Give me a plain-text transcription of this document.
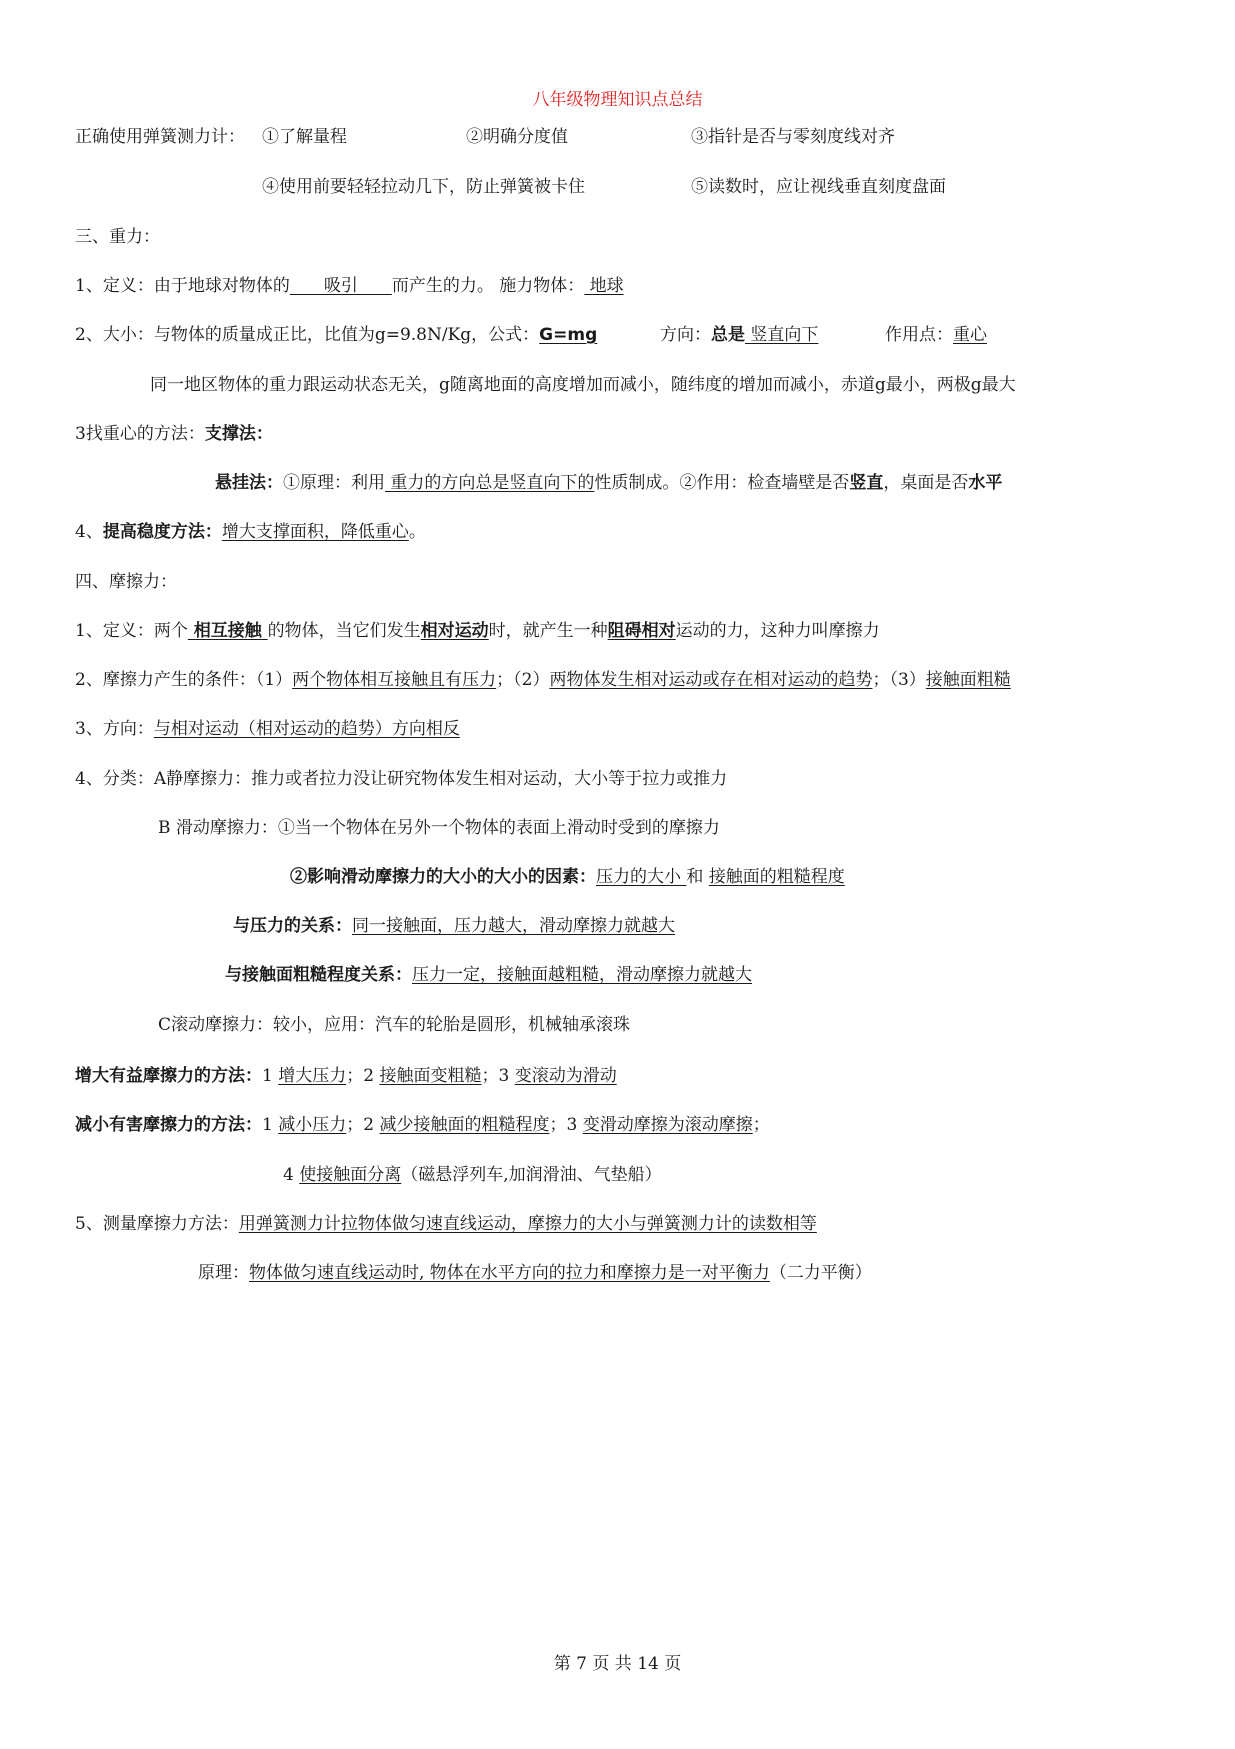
八年级物理知识点总结
正确使用弹簧测力计： ①了解量程	②明确分度值	③指针是否与零刻度线对齐
④使用前要轻轻拉动几下，防止弹簧被卡住	⑤读数时，应让视线垂直刻度盘面
三、重力：
1、定义：由于地球对物体的　　吸引　　而产生的力。 施力物体： 地球
2、大小：与物体的质量成正比，比值为g=9.8N/Kg，公式：G=mg	方向：总是 竖直向下	作用点：重心
同一地区物体的重力跟运动状态无关，g随离地面的高度增加而减小，随纬度的增加而减小，赤道g最小，两极g最大
3找重心的方法：支撑法：
悬挂法：①原理：利用 重力的方向总是竖直向下的性质制成。②作用：检查墙壁是否竖直，桌面是否水平
4、提高稳度方法：增大支撑面积，降低重心。
四、摩擦力：
1、定义：两个 相互接触 的物体，当它们发生相对运动时，就产生一种阻碍相对运动的力，这种力叫摩擦力
2、摩擦力产生的条件：（1）两个物体相互接触且有压力；（2）两物体发生相对运动或存在相对运动的趋势；（3）接触面粗糙
3、方向：与相对运动（相对运动的趋势）方向相反
4、分类：A静摩擦力：推力或者拉力没让研究物体发生相对运动，大小等于拉力或推力
B 滑动摩擦力：①当一个物体在另外一个物体的表面上滑动时受到的摩擦力
②影响滑动摩擦力的大小的大小的因素：压力的大小 和 接触面的粗糙程度
与压力的关系：同一接触面，压力越大，滑动摩擦力就越大
与接触面粗糙程度关系：压力一定，接触面越粗糙，滑动摩擦力就越大
C滚动摩擦力：较小，应用：汽车的轮胎是圆形，机械轴承滚珠
增大有益摩擦力的方法：1 增大压力；2 接触面变粗糙；3 变滚动为滑动
减小有害摩擦力的方法：1 减小压力；2 减少接触面的粗糙程度；3 变滑动摩擦为滚动摩擦；
4 使接触面分离（磁悬浮列车,加润滑油、气垫船）
5、测量摩擦力方法：用弹簧测力计拉物体做匀速直线运动，摩擦力的大小与弹簧测力计的读数相等
原理：物体做匀速直线运动时, 物体在水平方向的拉力和摩擦力是一对平衡力（二力平衡）
第 7 页 共 14 页
